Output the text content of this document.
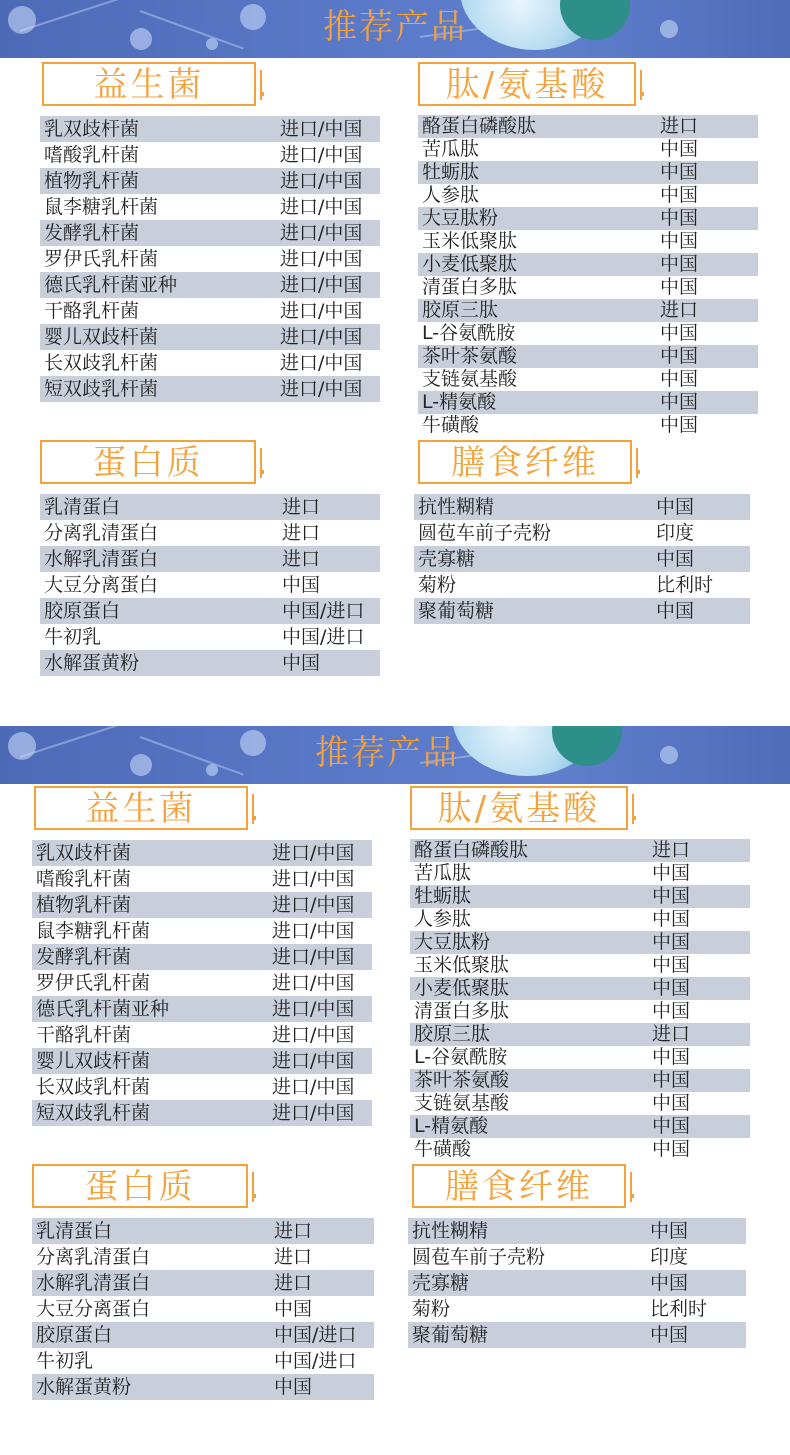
推荐产品
益生菌
乳双歧杆菌	进口/中国
嗜酸乳杆菌	进口/中国
植物乳杆菌	进口/中国
鼠李糖乳杆菌	进口/中国
发酵乳杆菌	进口/中国
罗伊氏乳杆菌	进口/中国
德氏乳杆菌亚种	进口/中国
干酪乳杆菌	进口/中国
婴儿双歧杆菌	进口/中国
长双歧乳杆菌	进口/中国
短双歧乳杆菌	进口/中国
肽/氨基酸
酪蛋白磷酸肽	进口
苦瓜肽	中国
牡蛎肽	中国
人参肽	中国
大豆肽粉	中国
玉米低聚肽	中国
小麦低聚肽	中国
清蛋白多肽	中国
胶原三肽	进口
L-谷氨酰胺	中国
茶叶茶氨酸	中国
支链氨基酸	中国
L-精氨酸	中国
牛磺酸	中国
蛋白质
乳清蛋白	进口
分离乳清蛋白	进口
水解乳清蛋白	进口
大豆分离蛋白	中国
胶原蛋白	中国/进口
牛初乳	中国/进口
水解蛋黄粉	中国
膳食纤维
抗性糊精	中国
圆苞车前子壳粉	印度
壳寡糖	中国
菊粉	比利时
聚葡萄糖	中国
推荐产品
益生菌
乳双歧杆菌	进口/中国
嗜酸乳杆菌	进口/中国
植物乳杆菌	进口/中国
鼠李糖乳杆菌	进口/中国
发酵乳杆菌	进口/中国
罗伊氏乳杆菌	进口/中国
德氏乳杆菌亚种	进口/中国
干酪乳杆菌	进口/中国
婴儿双歧杆菌	进口/中国
长双歧乳杆菌	进口/中国
短双歧乳杆菌	进口/中国
肽/氨基酸
酪蛋白磷酸肽	进口
苦瓜肽	中国
牡蛎肽	中国
人参肽	中国
大豆肽粉	中国
玉米低聚肽	中国
小麦低聚肽	中国
清蛋白多肽	中国
胶原三肽	进口
L-谷氨酰胺	中国
茶叶茶氨酸	中国
支链氨基酸	中国
L-精氨酸	中国
牛磺酸	中国
蛋白质
乳清蛋白	进口
分离乳清蛋白	进口
水解乳清蛋白	进口
大豆分离蛋白	中国
胶原蛋白	中国/进口
牛初乳	中国/进口
水解蛋黄粉	中国
膳食纤维
抗性糊精	中国
圆苞车前子壳粉	印度
壳寡糖	中国
菊粉	比利时
聚葡萄糖	中国
